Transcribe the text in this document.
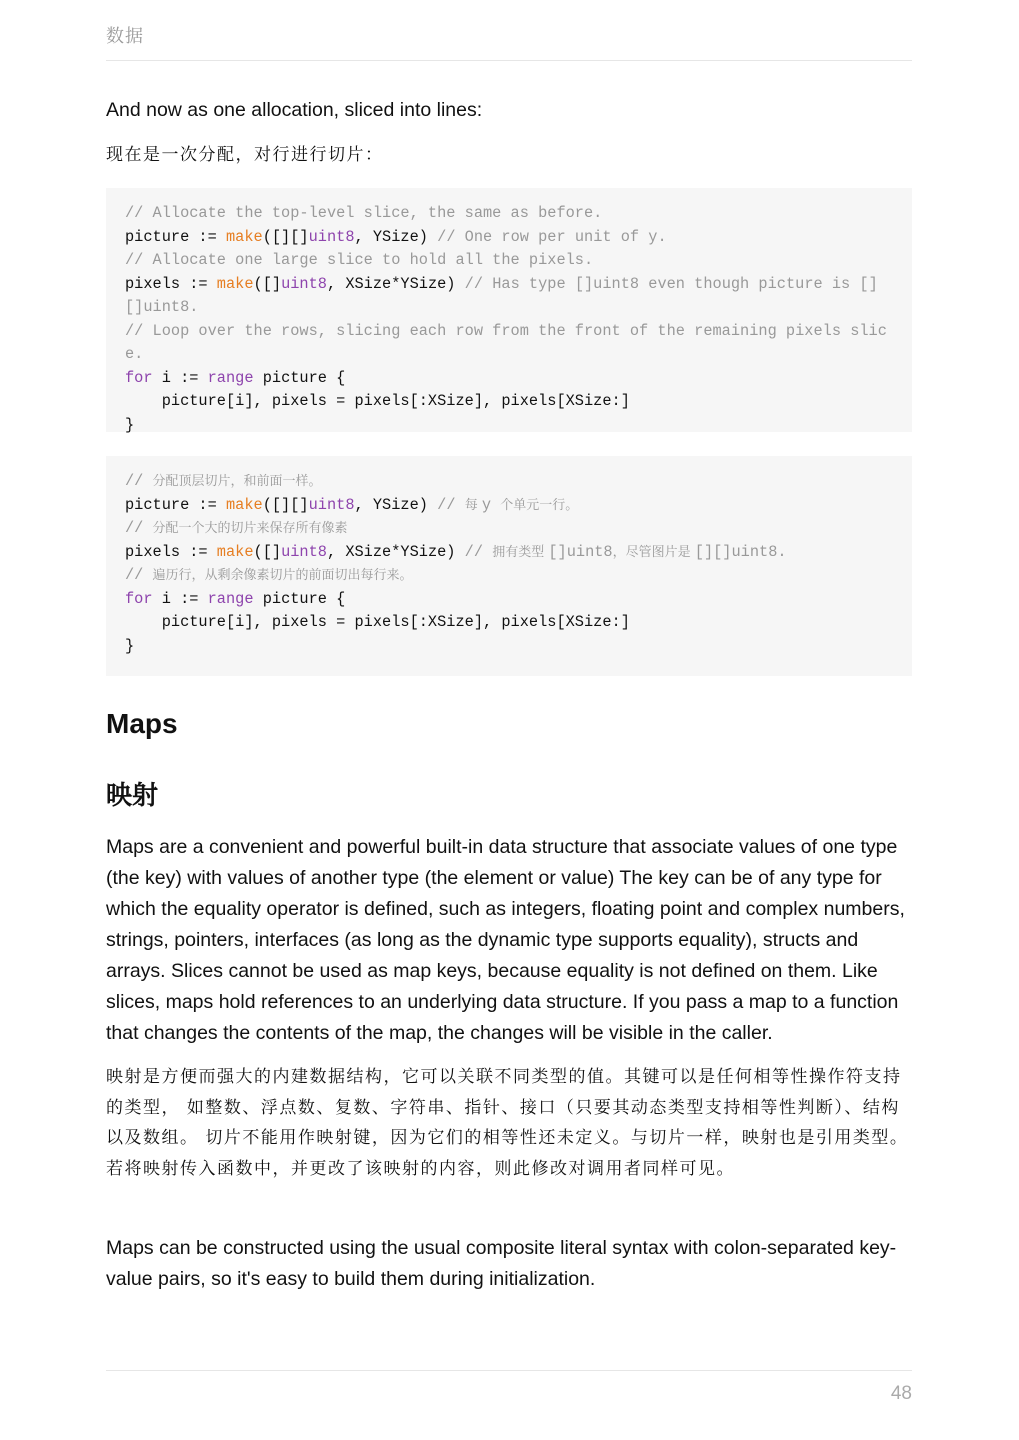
数据

And now as one allocation, sliced into lines:

现在是一次分配，对行进行切片：

// Allocate the top-level slice, the same as before.
picture := make([][]uint8, YSize) // One row per unit of y.
// Allocate one large slice to hold all the pixels.
pixels := make([]uint8, XSize*YSize) // Has type []uint8 even though picture is [][]uint8.
// Loop over the rows, slicing each row from the front of the remaining pixels slice.
for i := range picture {
picture[i], pixels = pixels[:XSize], pixels[XSize:]
}
// 分配顶层切片，和前面一样。
picture := make([][]uint8, YSize) // 每 y 个单元一行。
// 分配一个大的切片来保存所有像素
pixels := make([]uint8, XSize*YSize) // 拥有类型 []uint8，尽管图片是 [][]uint8.
// 遍历行，从剩余像素切片的前面切出每行来。
for i := range picture {
picture[i], pixels = pixels[:XSize], pixels[XSize:]
}
Maps
映射

Maps are a convenient and powerful built-in data structure that associate values of one type (the key) with values of another type (the element or value) The key can be of any type for which the equality operator is defined, such as integers, floating point and complex numbers, strings, pointers, interfaces (as long as the dynamic type supports equality), structs and arrays. Slices cannot be used as map keys, because equality is not defined on them. Like slices, maps hold references to an underlying data structure. If you pass a map to a function that changes the contents of the map, the changes will be visible in the caller.

映射是方便而强大的内建数据结构，它可以关联不同类型的值。其键可以是任何相等性操作符支持的类型， 如整数、浮点数、复数、字符串、指针、接口（只要其动态类型支持相等性判断）、结构以及数组。 切片不能用作映射键，因为它们的相等性还未定义。与切片一样，映射也是引用类型。 若将映射传入函数中，并更改了该映射的内容，则此修改对调用者同样可见。

Maps can be constructed using the usual composite literal syntax with colon-separated key-value pairs, so it's easy to build them during initialization.

48
